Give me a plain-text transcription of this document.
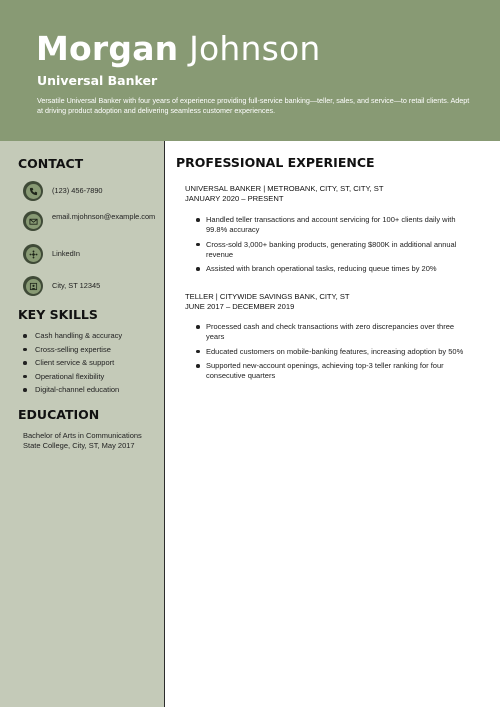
Morgan Johnson
Universal Banker
Versatile Universal Banker with four years of experience providing full-service banking—teller, sales, and service—to retail clients. Adept at driving product adoption and delivering seamless customer experiences.
CONTACT
(123) 456-7890
email.mjohnson@example.com
LinkedIn
City, ST 12345
KEY SKILLS
Cash handling & accuracy
Cross-selling expertise
Client service & support
Operational flexibility
Digital-channel education
EDUCATION
Bachelor of Arts in Communications
State College, City, ST, May 2017
PROFESSIONAL EXPERIENCE
UNIVERSAL BANKER | METROBANK, CITY, ST, CITY, ST
JANUARY 2020 – PRESENT
Handled teller transactions and account servicing for 100+ clients daily with 99.8% accuracy
Cross-sold 3,000+ banking products, generating $800K in additional annual revenue
Assisted with branch operational tasks, reducing queue times by 20%
TELLER | CITYWIDE SAVINGS BANK, CITY, ST
JUNE 2017 – DECEMBER 2019
Processed cash and check transactions with zero discrepancies over three years
Educated customers on mobile-banking features, increasing adoption by 50%
Supported new-account openings, achieving top-3 teller ranking for four consecutive quarters
